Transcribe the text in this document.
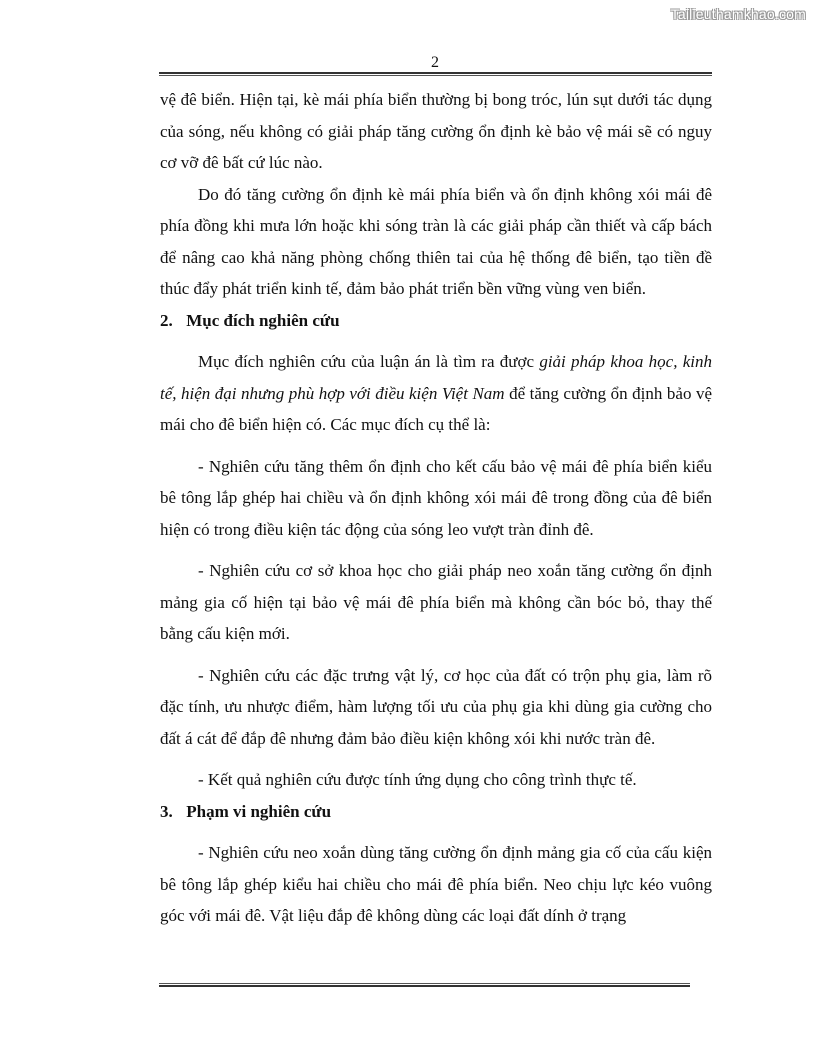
Tailieuthamkhao.com
2

vệ đê biển. Hiện tại, kè mái phía biển thường bị bong tróc, lún sụt dưới tác dụng của sóng, nếu không có giải pháp tăng cường ổn định kè bảo vệ mái sẽ có nguy cơ vỡ đê bất cứ lúc nào.

Do đó tăng cường ổn định kè mái phía biển và ổn định không xói mái đê phía đồng khi mưa lớn hoặc khi sóng tràn là các giải pháp cần thiết và cấp bách để nâng cao khả năng phòng chống thiên tai của hệ thống đê biển, tạo tiền đề thúc đẩy phát triển kinh tế, đảm bảo phát triển bền vững vùng ven biển.

2. Mục đích nghiên cứu

Mục đích nghiên cứu của luận án là tìm ra được giải pháp khoa học, kinh tế, hiện đại nhưng phù hợp với điều kiện Việt Nam để tăng cường ổn định bảo vệ mái cho đê biển hiện có. Các mục đích cụ thể là:

- Nghiên cứu tăng thêm ổn định cho kết cấu bảo vệ mái đê phía biển kiểu bê tông lắp ghép hai chiều và ổn định không xói mái đê trong đồng của đê biển hiện có trong điều kiện tác động của sóng leo vượt tràn đỉnh đê.

- Nghiên cứu cơ sở khoa học cho giải pháp neo xoắn tăng cường ổn định mảng gia cố hiện tại bảo vệ mái đê phía biển mà không cần bóc bỏ, thay thế bằng cấu kiện mới.

- Nghiên cứu các đặc trưng vật lý, cơ học của đất có trộn phụ gia, làm rõ đặc tính, ưu nhược điểm, hàm lượng tối ưu của phụ gia khi dùng gia cường cho đất á cát để đắp đê nhưng đảm bảo điều kiện không xói khi nước tràn đê.

- Kết quả nghiên cứu được tính ứng dụng cho công trình thực tế.

3. Phạm vi nghiên cứu

- Nghiên cứu neo xoắn dùng tăng cường ổn định mảng gia cố của cấu kiện bê tông lắp ghép kiểu hai chiều cho mái đê phía biển. Neo chịu lực kéo vuông góc với mái đê. Vật liệu đắp đê không dùng các loại đất dính ở trạng
